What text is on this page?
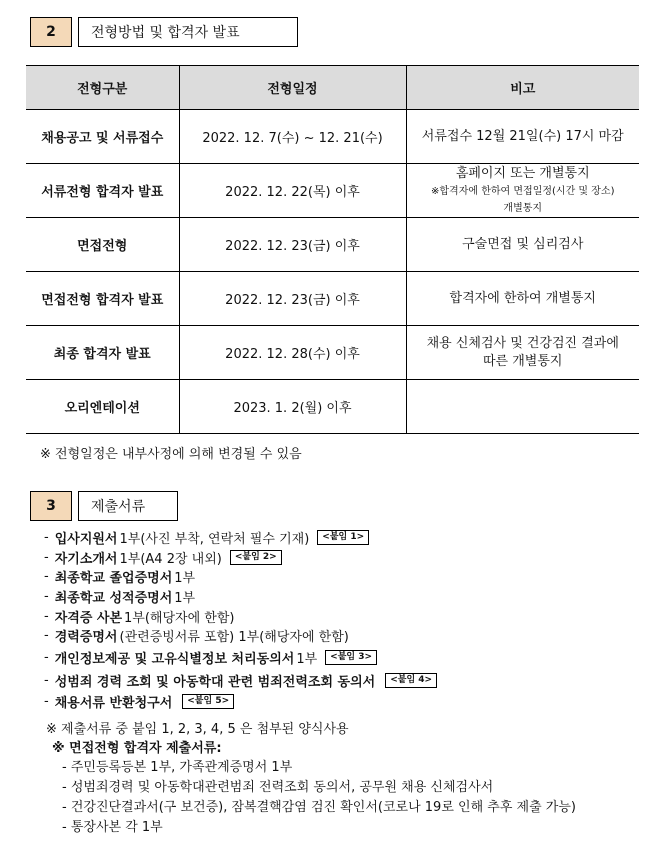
2	전형방법 및 합격자 발표
전형구분	전형일정	비고
채용공고 및 서류접수	2022. 12. 7(수) ~ 12. 21(수)	서류접수 12월 21일(수) 17시 마감

서류전형 합격자 발표	2022. 12. 22(목) 이후	홈페이지 또는 개별통지
※합격자에 한하여 면접일정(시간 및 장소)
개별통지

면접전형	2022. 12. 23(금) 이후	구술면접 및 심리검사

면접전형 합격자 발표	2022. 12. 23(금) 이후	합격자에 한하여 개별통지

최종 합격자 발표	2022. 12. 28(수) 이후	채용 신체검사 및 건강검진 결과에
따른 개별통지

오리엔테이션	2023. 1. 2(월) 이후	
※ 전형일정은 내부사정에 의해 변경될 수 있음
3	제출서류
- 입사지원서 1부(사진 부착, 연락처 필수 기재)	<붙임 1>
- 자기소개서 1부(A4 2장 내외)	<붙임 2>
- 최종학교 졸업증명서 1부
- 최종학교 성적증명서 1부
- 자격증 사본 1부(해당자에 한함)
- 경력증명서 (관련증빙서류 포함) 1부(해당자에 한함)
- 개인정보제공 및 고유식별정보 처리동의서 1부	<붙임 3>
- 성범죄 경력 조회 및 아동학대 관련 범죄전력조회 동의서	<붙임 4>
- 채용서류 반환청구서	<붙임 5>
※ 제출서류 중 붙임 1, 2, 3, 4, 5 은 첨부된 양식사용
※ 면접전형 합격자 제출서류:
- 주민등록등본 1부, 가족관계증명서 1부
- 성범죄경력 및 아동학대관련범죄 전력조회 동의서, 공무원 채용 신체검사서
- 건강진단결과서(구 보건증), 잠복결핵감염 검진 확인서(코로나 19로 인해 추후 제출 가능)
- 통장사본 각 1부
